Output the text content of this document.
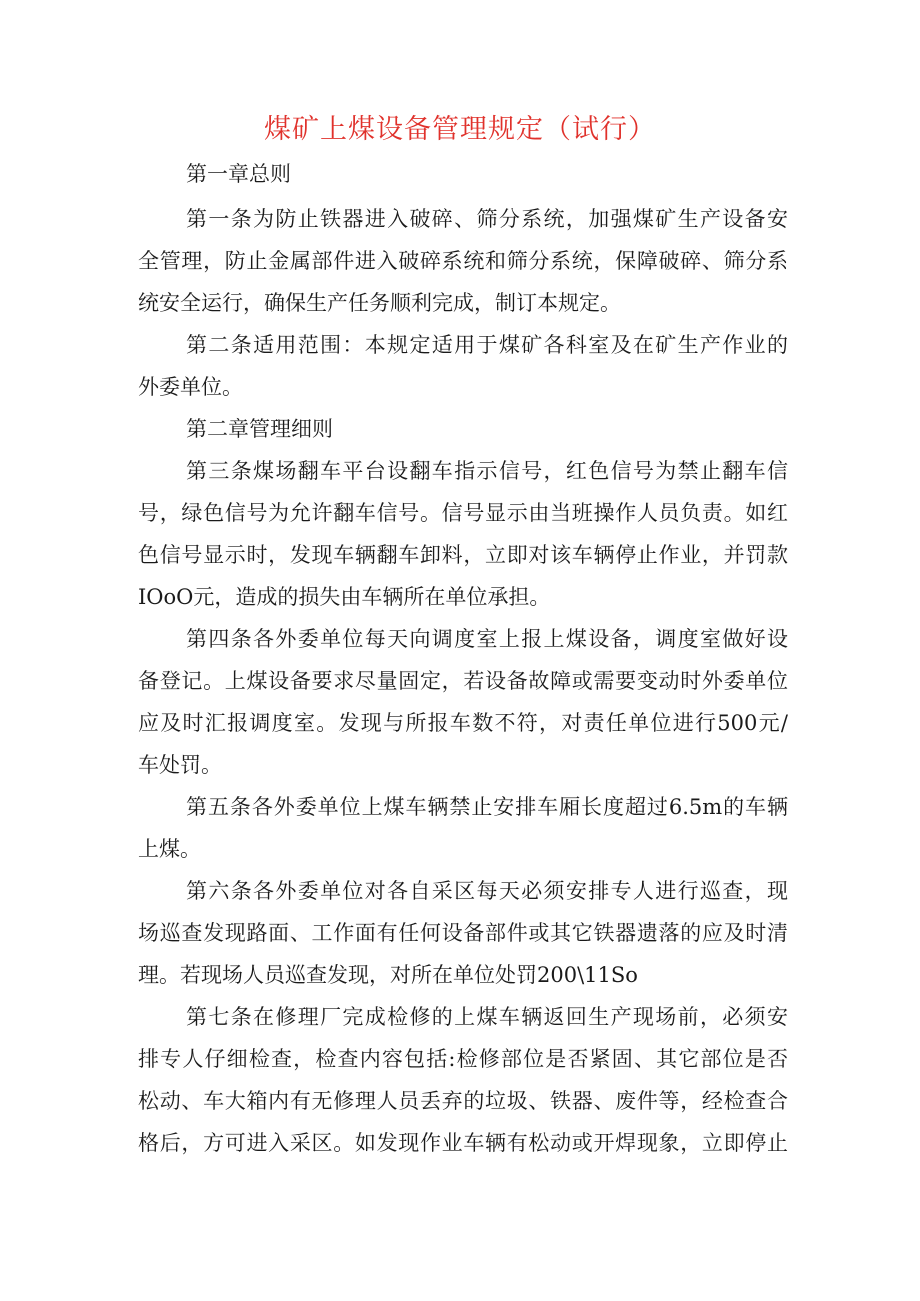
煤矿上煤设备管理规定（试行）
第一章总则
第一条为防止铁器进入破碎、筛分系统，加强煤矿生产设备安
全管理，防止金属部件进入破碎系统和筛分系统，保障破碎、筛分系
统安全运行，确保生产任务顺利完成，制订本规定。
第二条适用范围：本规定适用于煤矿各科室及在矿生产作业的
外委单位。
第二章管理细则
第三条煤场翻车平台设翻车指示信号，红色信号为禁止翻车信
号，绿色信号为允许翻车信号。信号显示由当班操作人员负责。如红
色信号显示时，发现车辆翻车卸料，立即对该车辆停止作业，并罚款
IOoO元，造成的损失由车辆所在单位承担。
第四条各外委单位每天向调度室上报上煤设备，调度室做好设
备登记。上煤设备要求尽量固定，若设备故障或需要变动时外委单位
应及时汇报调度室。发现与所报车数不符，对责任单位进行500元/
车处罚。
第五条各外委单位上煤车辆禁止安排车厢长度超过6.5m的车辆
上煤。
第六条各外委单位对各自采区每天必须安排专人进行巡查，现
场巡查发现路面、工作面有任何设备部件或其它铁器遗落的应及时清
理。若现场人员巡查发现，对所在单位处罚200\11So
第七条在修理厂完成检修的上煤车辆返回生产现场前，必须安
排专人仔细检查，检查内容包括:检修部位是否紧固、其它部位是否
松动、车大箱内有无修理人员丢弃的垃圾、铁器、废件等，经检查合
格后，方可进入采区。如发现作业车辆有松动或开焊现象，立即停止
